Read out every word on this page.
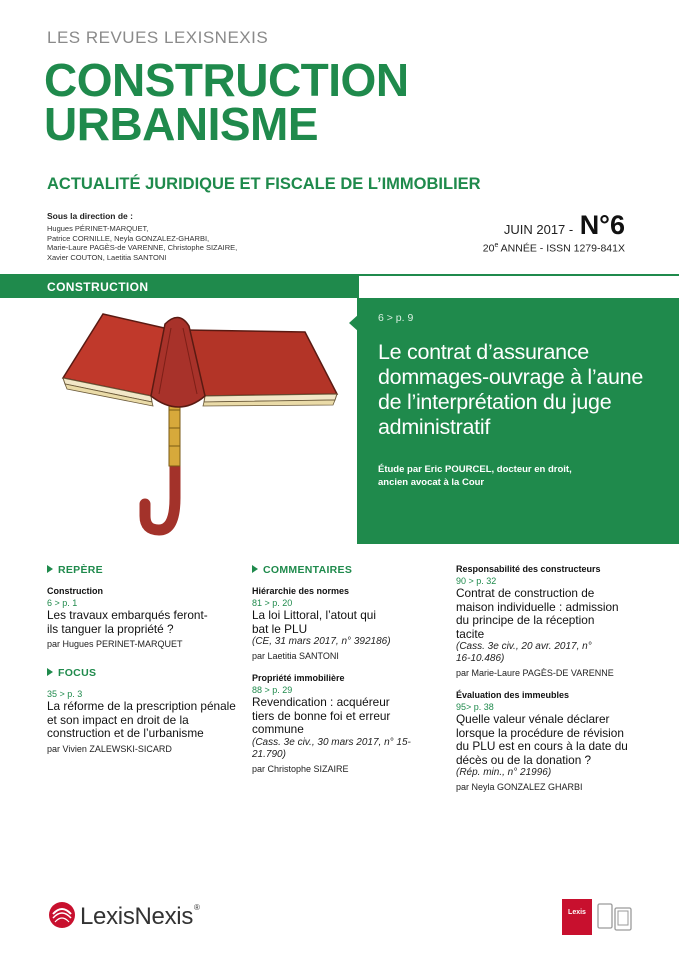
LES REVUES LEXISNEXIS
CONSTRUCTION
URBANISME
ACTUALITÉ JURIDIQUE ET FISCALE DE L’IMMOBILIER
Sous la direction de :
Hugues PÉRINET-MARQUET,
Patrice CORNILLE, Neyla GONZALEZ-GHARBI,
Marie-Laure PAGÈS-de VARENNE, Christophe SIZAIRE,
Xavier COUTON, Laetitia SANTONI
JUIN 2017 - N°6
20e ANNÉE - ISSN 1279-841X
CONSTRUCTION
6 > p. 9
Le contrat d’assurance dommages-ouvrage à l’aune de l’interprétation du juge administratif
Étude par Eric POURCEL, docteur en droit,
ancien avocat à la Cour
REPÈRE
Construction
6 > p. 1
Les travaux embarqués feront-ils tanguer la propriété ?
par Hugues PERINET-MARQUET
FOCUS
35 > p. 3
La réforme de la prescription pénale et son impact en droit de la construction et de l’urbanisme
par Vivien ZALEWSKI-SICARD
COMMENTAIRES
Hiérarchie des normes
81 > p. 20
La loi Littoral, l’atout qui bat le PLU
(CE, 31 mars 2017, n° 392186)
par Laetitia SANTONI
Propriété immobilière
88 > p. 29
Revendication : acquéreur tiers de bonne foi et erreur commune
(Cass. 3e civ., 30 mars 2017, n° 15-21.790)
par Christophe SIZAIRE
Responsabilité des constructeurs
90 > p. 32
Contrat de construction de maison individuelle : admission du principe de la réception tacite
(Cass. 3e civ., 20 avr. 2017, n° 16-10.486)
par Marie-Laure PAGÈS-DE VARENNE
Évaluation des immeubles
95> p. 38
Quelle valeur vénale déclarer lorsque la procédure de révision du PLU est en cours à la date du décès ou de la donation ?
(Rép. min., n° 21996)
par Neyla GONZALEZ GHARBI
LexisNexis®
Lexis
